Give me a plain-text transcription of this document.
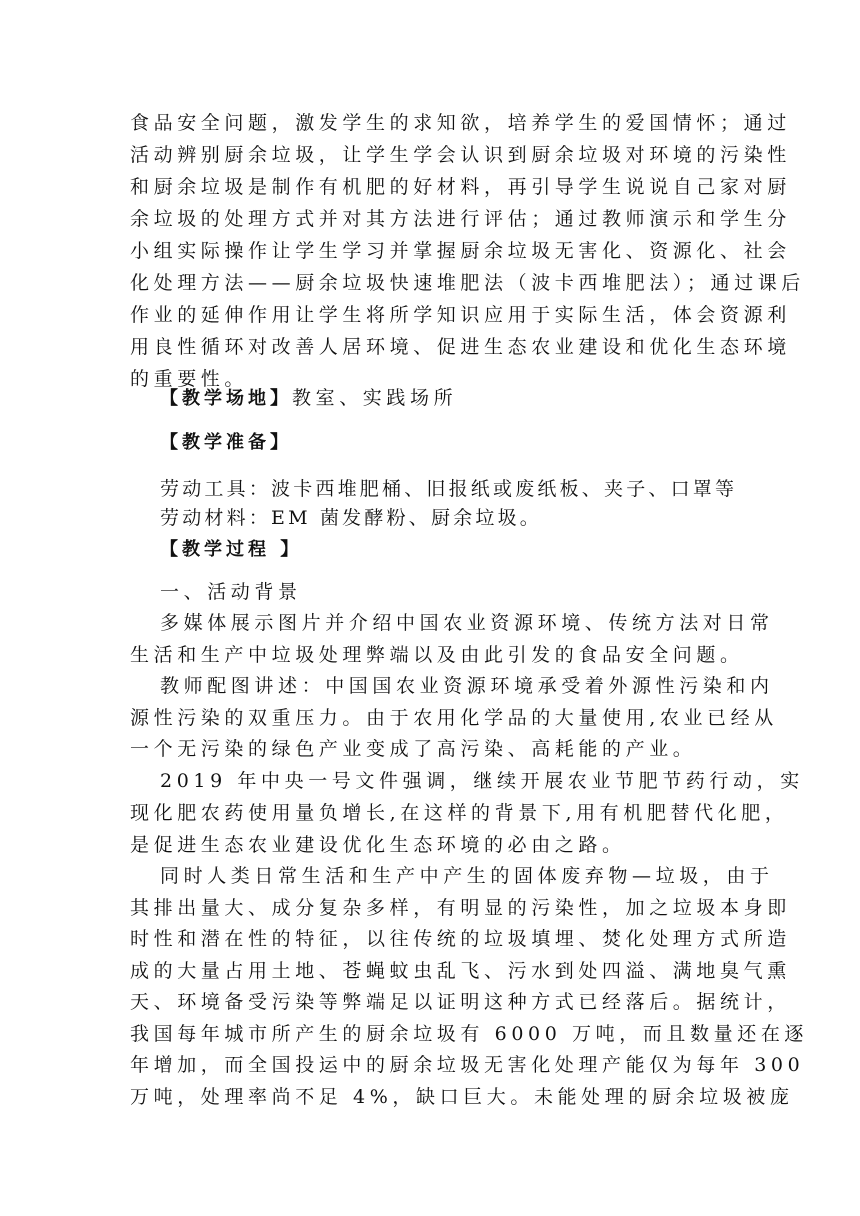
食品安全问题，激发学生的求知欲，培养学生的爱国情怀；通过
活动辨别厨余垃圾，让学生学会认识到厨余垃圾对环境的污染性
和厨余垃圾是制作有机肥的好材料，再引导学生说说自己家对厨
余垃圾的处理方式并对其方法进行评估；通过教师演示和学生分
小组实际操作让学生学习并掌握厨余垃圾无害化、资源化、社会
化处理方法——厨余垃圾快速堆肥法（波卡西堆肥法）；通过课后
作业的延伸作用让学生将所学知识应用于实际生活，体会资源利
用良性循环对改善人居环境、促进生态农业建设和优化生态环境
的重要性。
【教学场地】教室、实践场所
【教学准备】
劳动工具：波卡西堆肥桶、旧报纸或废纸板、夹子、口罩等
劳动材料：EM 菌发酵粉、厨余垃圾。
【教学过程 】
一、活动背景
多媒体展示图片并介绍中国农业资源环境、传统方法对日常
生活和生产中垃圾处理弊端以及由此引发的食品安全问题。
教师配图讲述：中国国农业资源环境承受着外源性污染和内
源性污染的双重压力。由于农用化学品的大量使用,农业已经从
一个无污染的绿色产业变成了高污染、高耗能的产业。
2019 年中央一号文件强调，继续开展农业节肥节药行动，实
现化肥农药使用量负增长,在这样的背景下,用有机肥替代化肥，
是促进生态农业建设优化生态环境的必由之路。
同时人类日常生活和生产中产生的固体废弃物—垃圾，由于
其排出量大、成分复杂多样，有明显的污染性，加之垃圾本身即
时性和潜在性的特征，以往传统的垃圾填埋、焚化处理方式所造
成的大量占用土地、苍蝇蚊虫乱飞、污水到处四溢、满地臭气熏
天、环境备受污染等弊端足以证明这种方式已经落后。据统计，
我国每年城市所产生的厨余垃圾有 6000 万吨，而且数量还在逐
年增加，而全国投运中的厨余垃圾无害化处理产能仅为每年 300
万吨，处理率尚不足 4%，缺口巨大。未能处理的厨余垃圾被庞
